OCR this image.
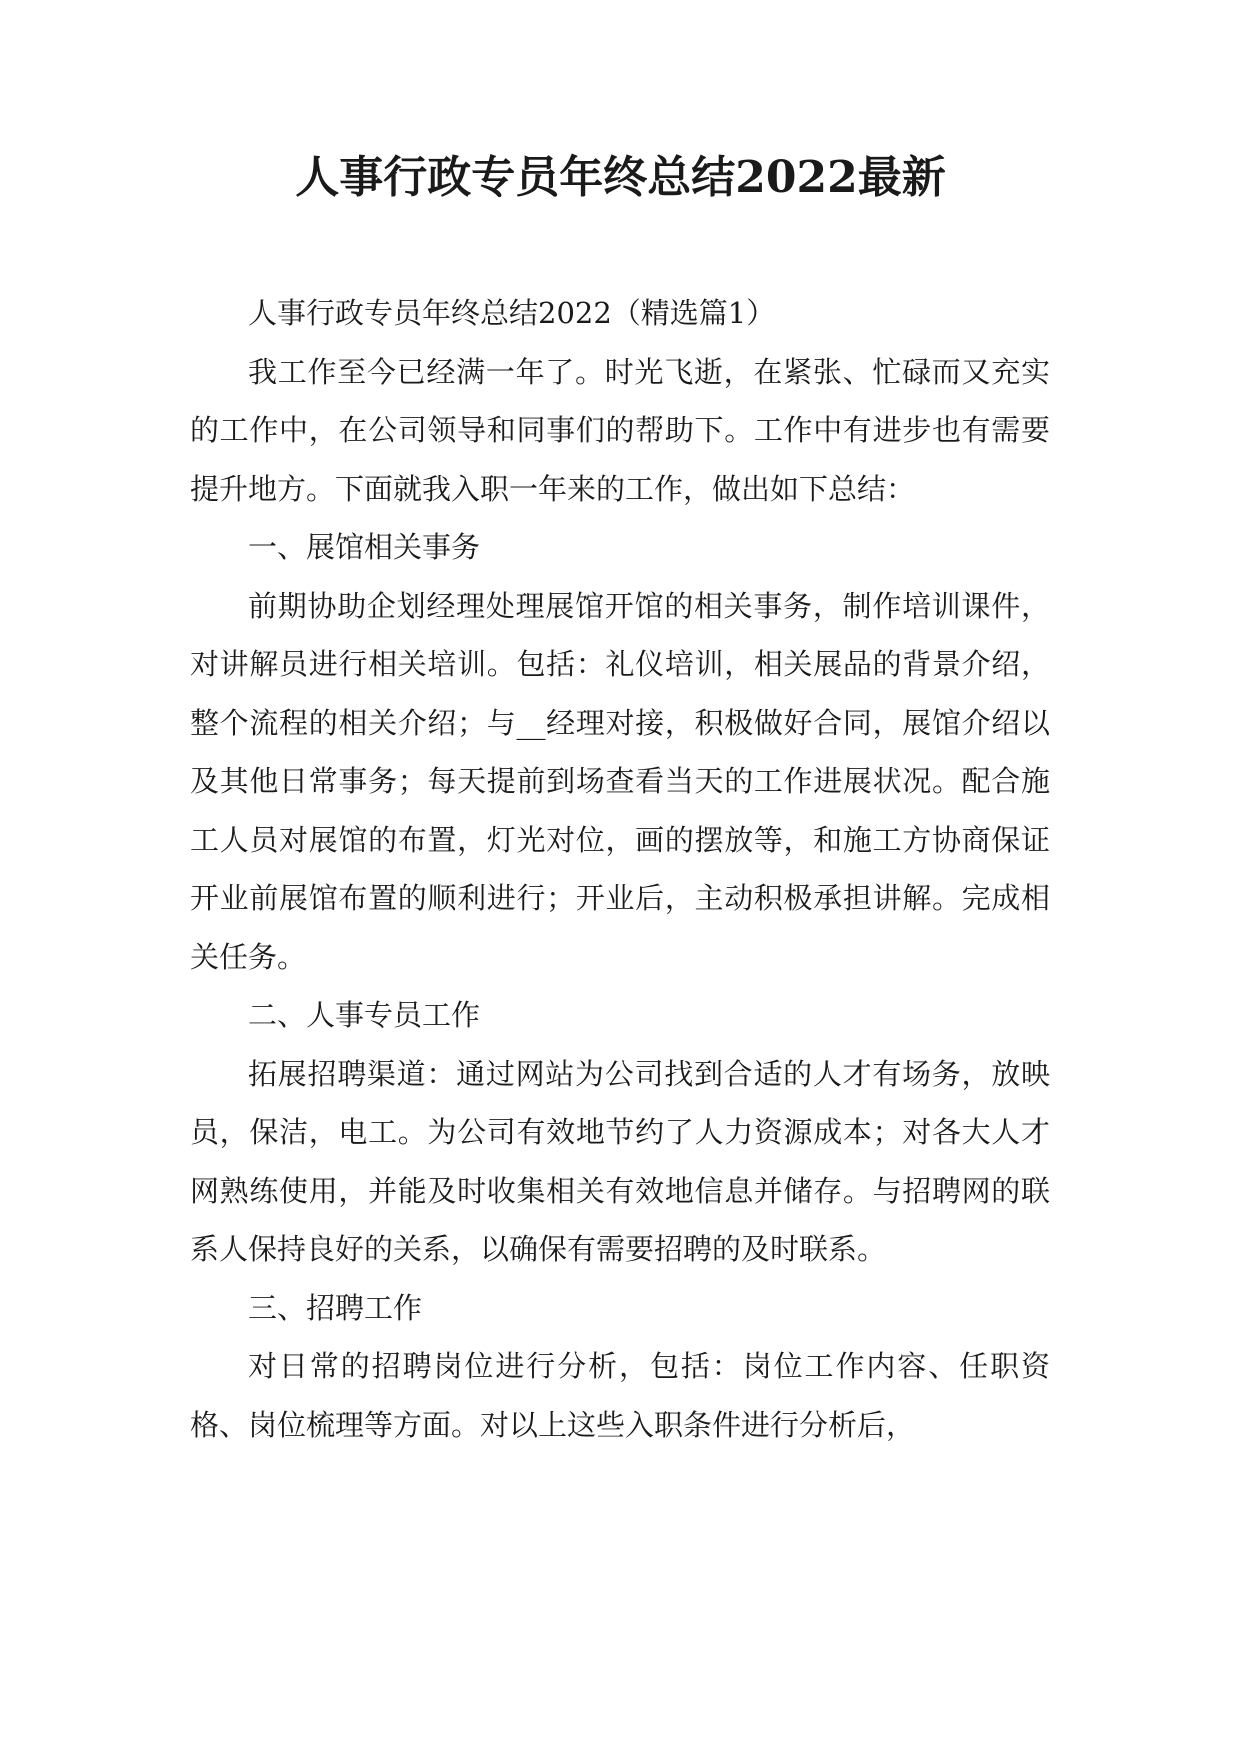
人事行政专员年终总结2022最新

人事行政专员年终总结2022（精选篇1）

我工作至今已经满一年了。时光飞逝，在紧张、忙碌而又充实的工作中，在公司领导和同事们的帮助下。工作中有进步也有需要提升地方。下面就我入职一年来的工作，做出如下总结：

一、展馆相关事务

前期协助企划经理处理展馆开馆的相关事务，制作培训课件，对讲解员进行相关培训。包括：礼仪培训，相关展品的背景介绍，整个流程的相关介绍；与__经理对接，积极做好合同，展馆介绍以及其他日常事务；每天提前到场查看当天的工作进展状况。配合施工人员对展馆的布置，灯光对位，画的摆放等，和施工方协商保证开业前展馆布置的顺利进行；开业后，主动积极承担讲解。完成相关任务。

二、人事专员工作

拓展招聘渠道：通过网站为公司找到合适的人才有场务，放映员，保洁，电工。为公司有效地节约了人力资源成本；对各大人才网熟练使用，并能及时收集相关有效地信息并储存。与招聘网的联系人保持良好的关系，以确保有需要招聘的及时联系。

三、招聘工作

对日常的招聘岗位进行分析，包括：岗位工作内容、任职资格、岗位梳理等方面。对以上这些入职条件进行分析后，
